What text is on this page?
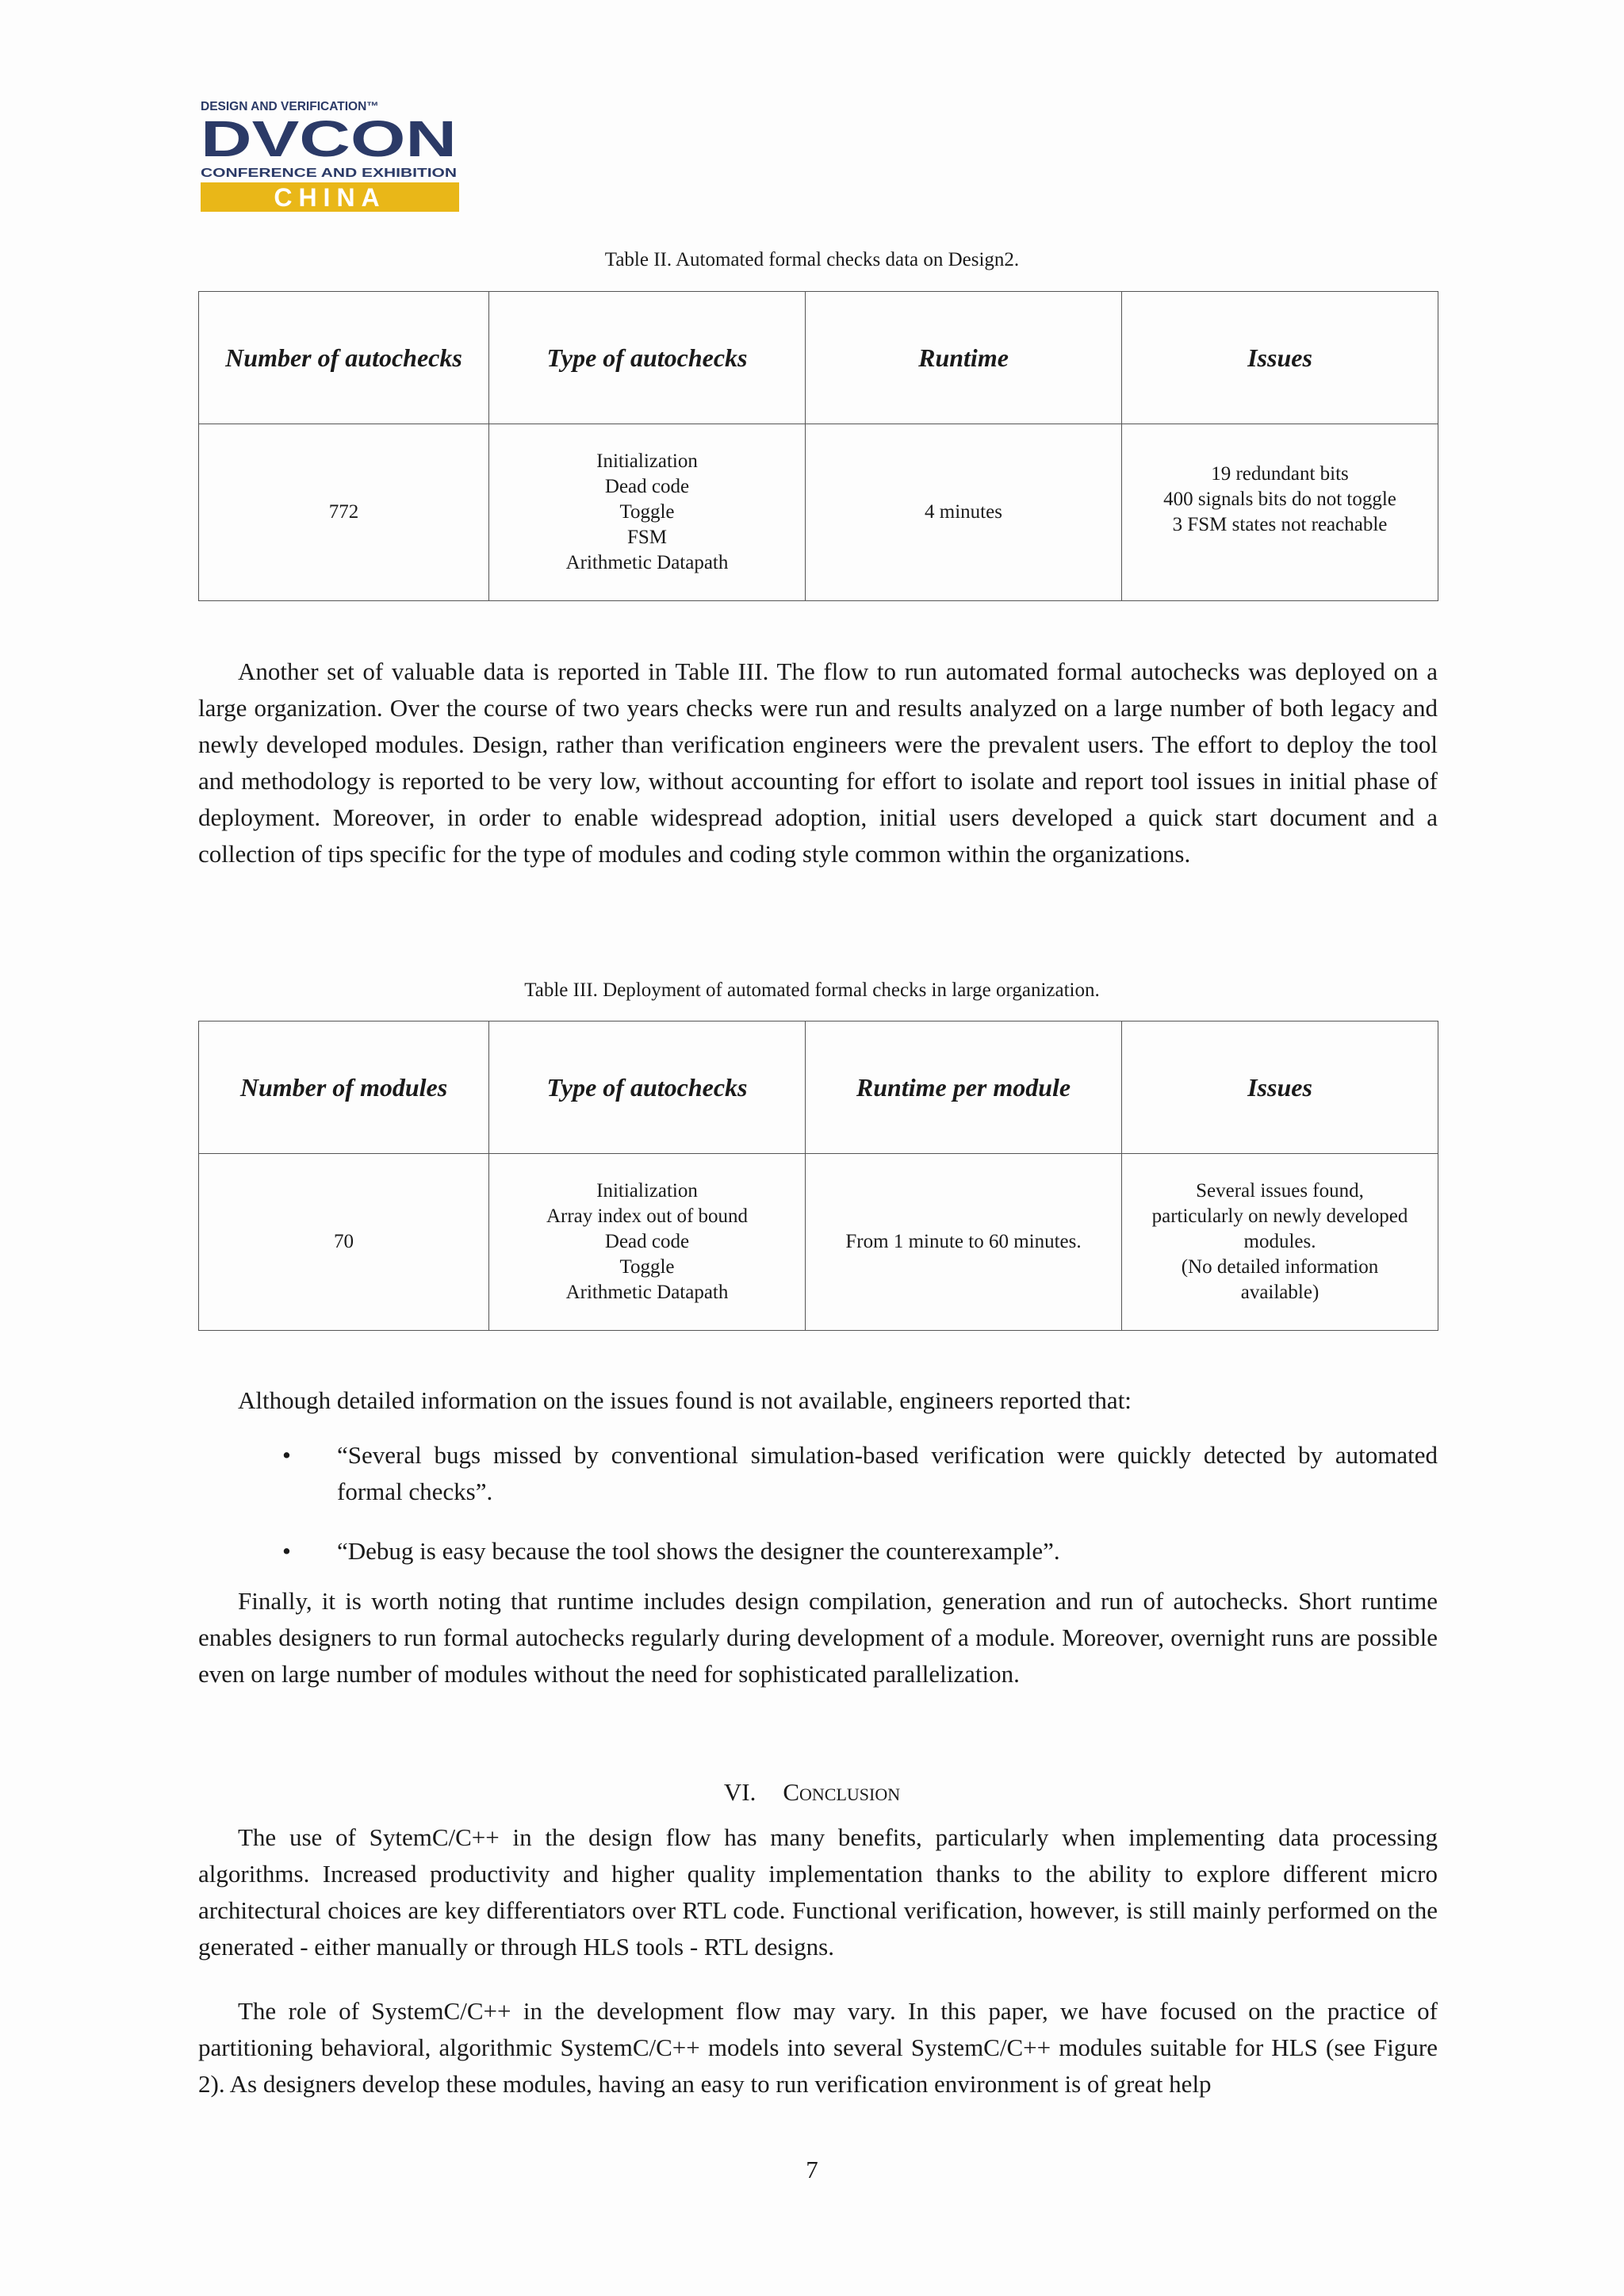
DESIGN AND VERIFICATION™
DVCON
CONFERENCE AND EXHIBITION
CHINA
Table II. Automated formal checks data on Design2.
Number of autochecks	Type of autochecks	Runtime	Issues
772	Initialization
Dead code
Toggle
FSM
Arithmetic Datapath	4 minutes	19 redundant bits
400 signals bits do not toggle
3 FSM states not reachable

Another set of valuable data is reported in Table III. The flow to run automated formal autochecks was deployed on a large organization. Over the course of two years checks were run and results analyzed on a large number of both legacy and newly developed modules. Design, rather than verification engineers were the prevalent users. The effort to deploy the tool and methodology is reported to be very low, without accounting for effort to isolate and report tool issues in initial phase of deployment. Moreover, in order to enable widespread adoption, initial users developed a quick start document and a collection of tips specific for the type of modules and coding style common within the organizations.

Table III. Deployment of automated formal checks in large organization.
Number of modules	Type of autochecks	Runtime per module	Issues
70	Initialization
Array index out of bound
Dead code
Toggle
Arithmetic Datapath	From 1 minute to 60 minutes.	Several issues found,
particularly on newly developed
modules.
(No detailed information
available)

Although detailed information on the issues found is not available, engineers reported that:

• “Several bugs missed by conventional simulation-based verification were quickly detected by automated formal checks”.
• “Debug is easy because the tool shows the designer the counterexample”.

Finally, it is worth noting that runtime includes design compilation, generation and run of autochecks. Short runtime enables designers to run formal autochecks regularly during development of a module. Moreover, overnight runs are possible even on large number of modules without the need for sophisticated parallelization.

VI. Conclusion

The use of SytemC/C++ in the design flow has many benefits, particularly when implementing data processing algorithms. Increased productivity and higher quality implementation thanks to the ability to explore different micro architectural choices are key differentiators over RTL code. Functional verification, however, is still mainly performed on the generated - either manually or through HLS tools - RTL designs.

The role of SystemC/C++ in the development flow may vary. In this paper, we have focused on the practice of partitioning behavioral, algorithmic SystemC/C++ models into several SystemC/C++ modules suitable for HLS (see Figure 2). As designers develop these modules, having an easy to run verification environment is of great help

7
